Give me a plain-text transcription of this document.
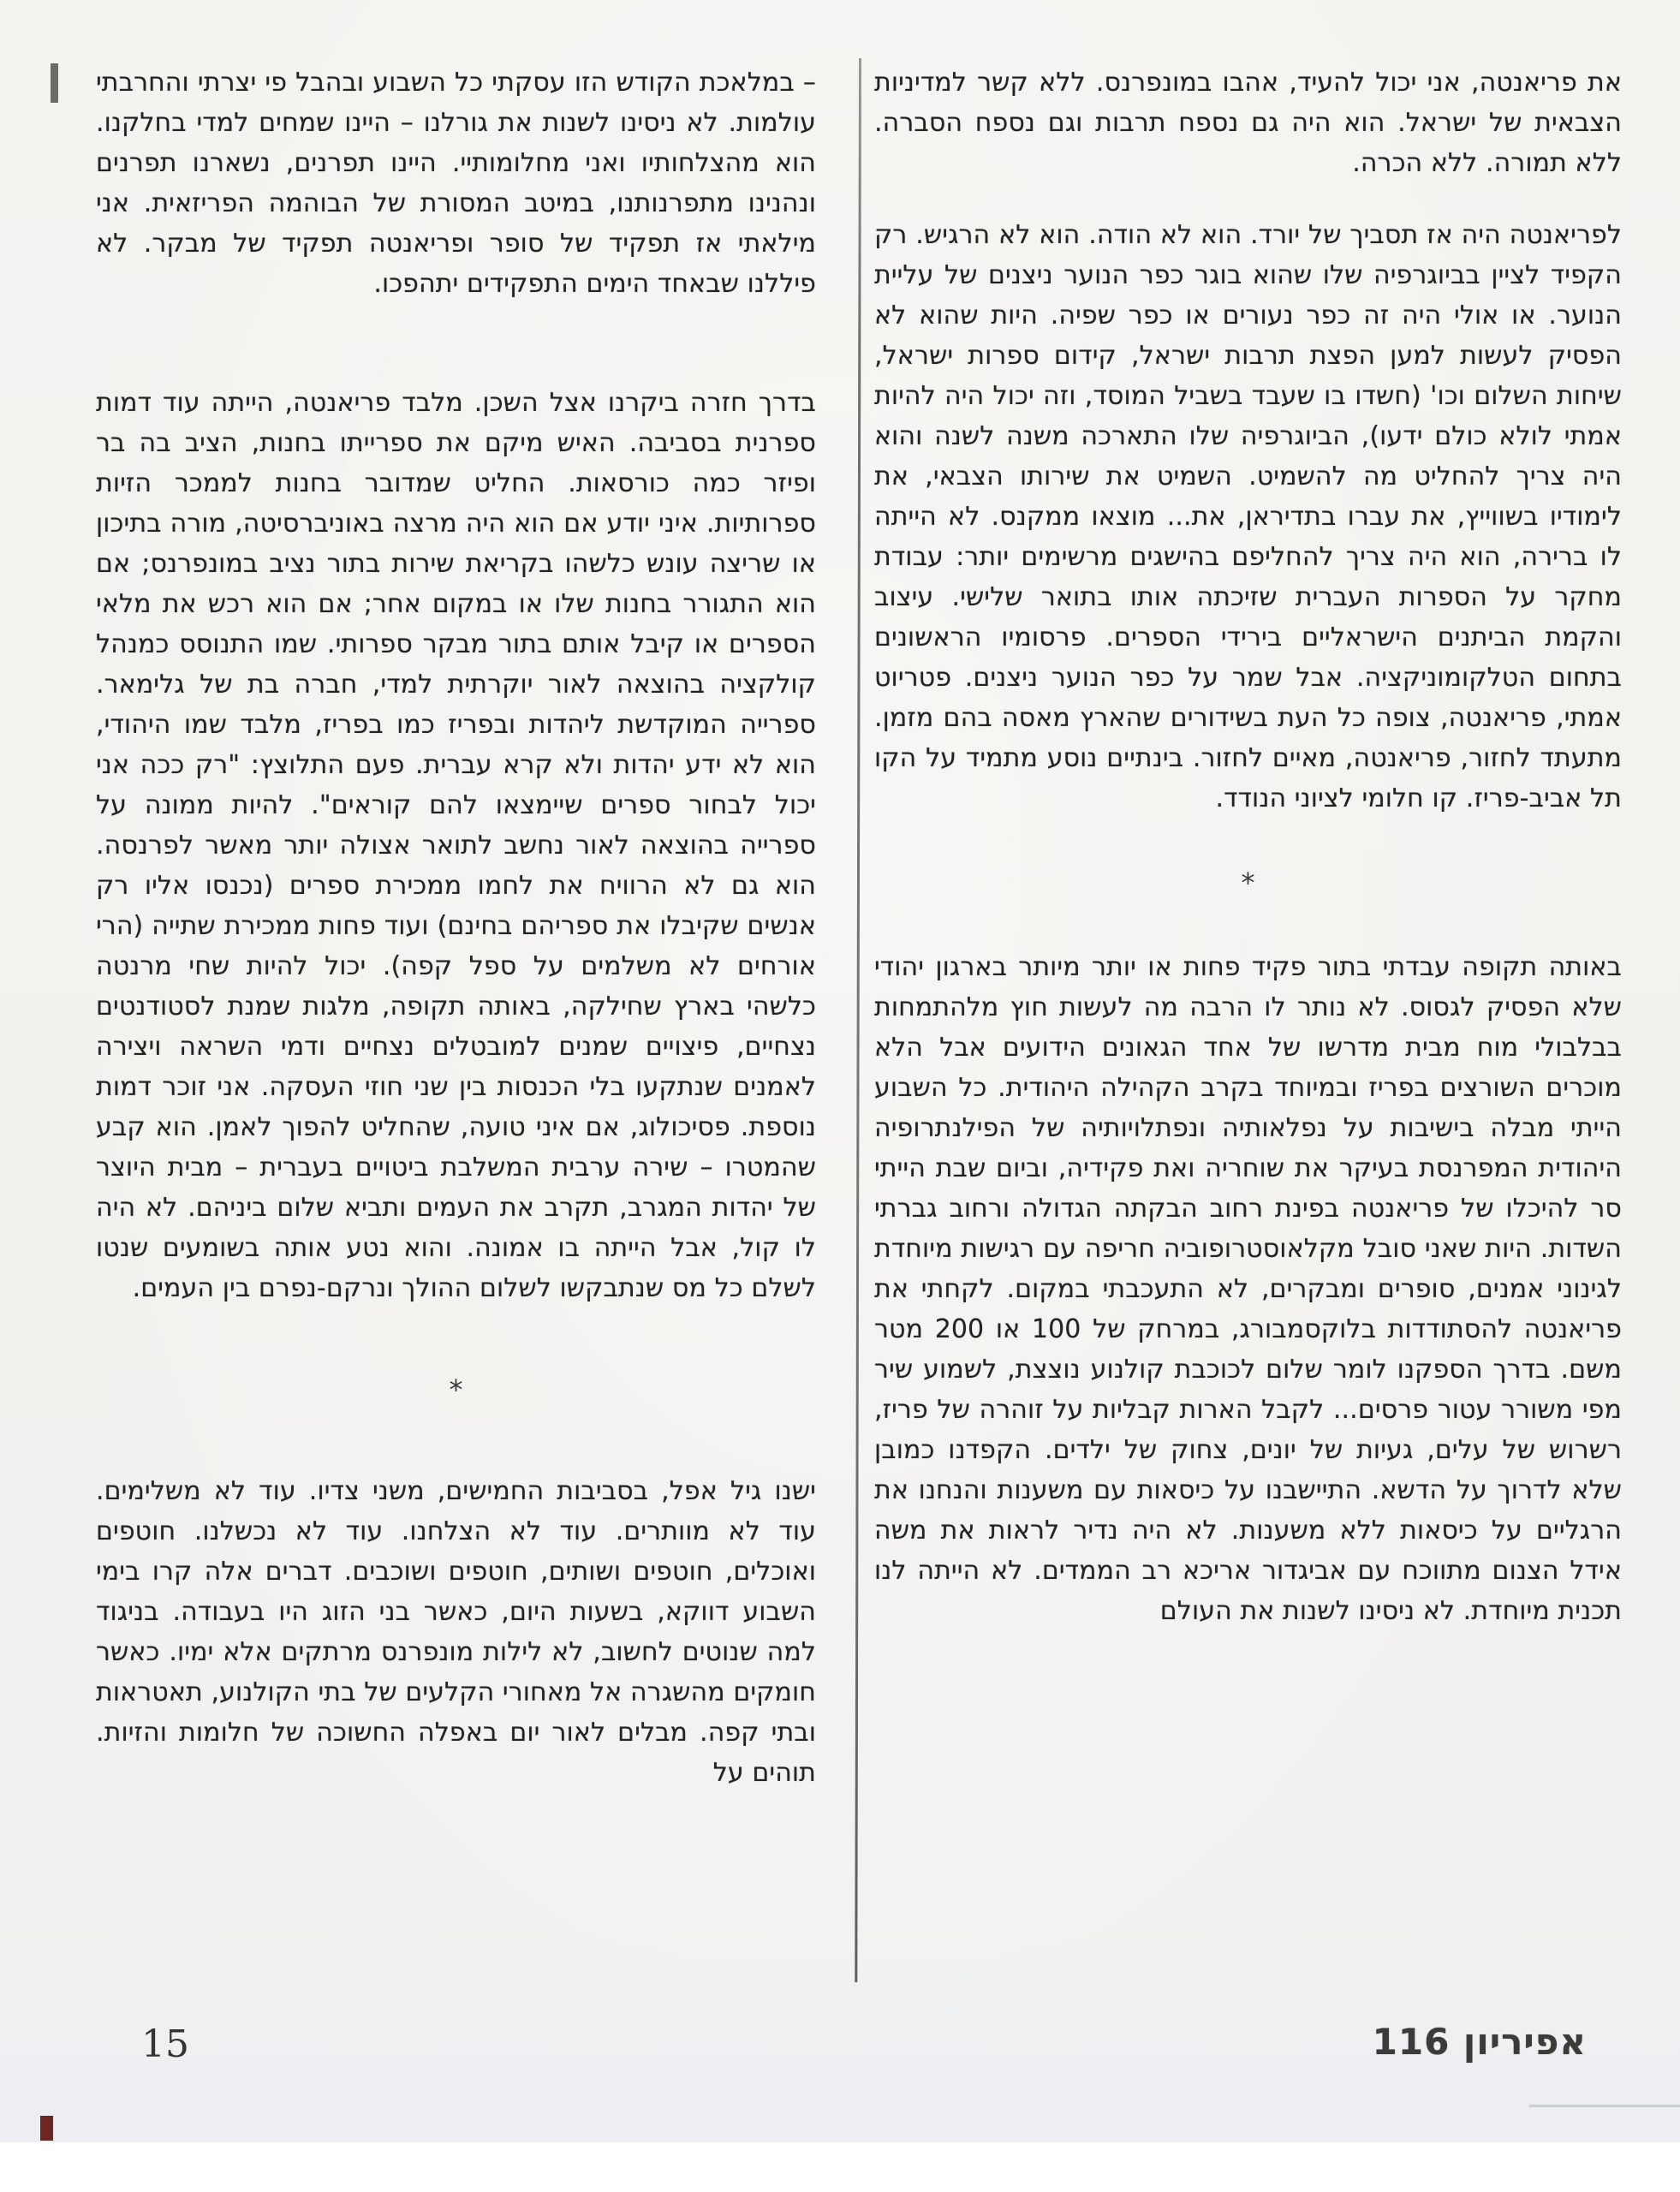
את פריאנטה, אני יכול להעיד, אהבו במונפרנס. ללא קשר למדיניות הצבאית של ישראל. הוא היה גם נספח תרבות וגם נספח הסברה. ללא תמורה. ללא הכרה.

לפריאנטה היה אז תסביך של יורד. הוא לא הודה. הוא לא הרגיש. רק הקפיד לציין בביוגרפיה שלו שהוא בוגר כפר הנוער ניצנים של עליית הנוער. או אולי היה זה כפר נעורים או כפר שפיה. היות שהוא לא הפסיק לעשות למען הפצת תרבות ישראל, קידום ספרות ישראל, שיחות השלום וכו' (חשדו בו שעבד בשביל המוסד, וזה יכול היה להיות אמתי לולא כולם ידעו), הביוגרפיה שלו התארכה משנה לשנה והוא היה צריך להחליט מה להשמיט. השמיט את שירותו הצבאי, את לימודיו בשווייץ, את עברו בתדיראן, את... מוצאו ממקנס. לא הייתה לו ברירה, הוא היה צריך להחליפם בהישגים מרשימים יותר: עבודת מחקר על הספרות העברית שזיכתה אותו בתואר שלישי. עיצוב והקמת הביתנים הישראליים בירידי הספרים. פרסומיו הראשונים בתחום הטלקומוניקציה. אבל שמר על כפר הנוער ניצנים. פטריוט אמתי, פריאנטה, צופה כל העת בשידורים שהארץ מאסה בהם מזמן. מתעתד לחזור, פריאנטה, מאיים לחזור. בינתיים נוסע מתמיד על הקו תל אביב-פריז. קו חלומי לציוני הנודד.

*

באותה תקופה עבדתי בתור פקיד פחות או יותר מיותר בארגון יהודי שלא הפסיק לגסוס. לא נותר לו הרבה מה לעשות חוץ מלהתמחות בבלבולי מוח מבית מדרשו של אחד הגאונים הידועים אבל הלא מוכרים השורצים בפריז ובמיוחד בקרב הקהילה היהודית. כל השבוע הייתי מבלה בישיבות על נפלאותיה ונפתלויותיה של הפילנתרופיה היהודית המפרנסת בעיקר את שוחריה ואת פקידיה, וביום שבת הייתי סר להיכלו של פריאנטה בפינת רחוב הבקתה הגדולה ורחוב גברתי השדות. היות שאני סובל מקלאוסטרופוביה חריפה עם רגישות מיוחדת לגינוני אמנים, סופרים ומבקרים, לא התעכבתי במקום. לקחתי את פריאנטה להסתודדות בלוקסמבורג, במרחק של 100 או 200 מטר משם. בדרך הספקנו לומר שלום לכוכבת קולנוע נוצצת, לשמוע שיר מפי משורר עטור פרסים... לקבל הארות קבליות על זוהרה של פריז, רשרוש של עלים, געיות של יונים, צחוק של ילדים. הקפדנו כמובן שלא לדרוך על הדשא. התיישבנו על כיסאות עם משענות והנחנו את הרגליים על כיסאות ללא משענות. לא היה נדיר לראות את משה אידל הצנום מתווכח עם אביגדור אריכא רב הממדים. לא הייתה לנו תכנית מיוחדת. לא ניסינו לשנות את העולם

– במלאכת הקודש הזו עסקתי כל השבוע ובהבל פי יצרתי והחרבתי עולמות. לא ניסינו לשנות את גורלנו – היינו שמחים למדי בחלקנו. הוא מהצלחותיו ואני מחלומותיי. היינו תפרנים, נשארנו תפרנים ונהנינו מתפרנותנו, במיטב המסורת של הבוהמה הפריזאית. אני מילאתי אז תפקיד של סופר ופריאנטה תפקיד של מבקר. לא פיללנו שבאחד הימים התפקידים יתהפכו.

בדרך חזרה ביקרנו אצל השכן. מלבד פריאנטה, הייתה עוד דמות ספרנית בסביבה. האיש מיקם את ספרייתו בחנות, הציב בה בר ופיזר כמה כורסאות. החליט שמדובר בחנות לממכר הזיות ספרותיות. איני יודע אם הוא היה מרצה באוניברסיטה, מורה בתיכון או שריצה עונש כלשהו בקריאת שירות בתור נציב במונפרנס; אם הוא התגורר בחנות שלו או במקום אחר; אם הוא רכש את מלאי הספרים או קיבל אותם בתור מבקר ספרותי. שמו התנוסס כמנהל קולקציה בהוצאה לאור יוקרתית למדי, חברה בת של גלימאר. ספרייה המוקדשת ליהדות ובפריז כמו בפריז, מלבד שמו היהודי, הוא לא ידע יהדות ולא קרא עברית. פעם התלוצץ: "רק ככה אני יכול לבחור ספרים שיימצאו להם קוראים". להיות ממונה על ספרייה בהוצאה לאור נחשב לתואר אצולה יותר מאשר לפרנסה. הוא גם לא הרוויח את לחמו ממכירת ספרים (נכנסו אליו רק אנשים שקיבלו את ספריהם בחינם) ועוד פחות ממכירת שתייה (הרי אורחים לא משלמים על ספל קפה). יכול להיות שחי מרנטה כלשהי בארץ שחילקה, באותה תקופה, מלגות שמנת לסטודנטים נצחיים, פיצויים שמנים למובטלים נצחיים ודמי השראה ויצירה לאמנים שנתקעו בלי הכנסות בין שני חוזי העסקה. אני זוכר דמות נוספת. פסיכולוג, אם איני טועה, שהחליט להפוך לאמן. הוא קבע שהמטרו – שירה ערבית המשלבת ביטויים בעברית – מבית היוצר של יהדות המגרב, תקרב את העמים ותביא שלום ביניהם. לא היה לו קול, אבל הייתה בו אמונה. והוא נטע אותה בשומעים שנטו לשלם כל מס שנתבקשו לשלום ההולך ונרקם-נפרם בין העמים.

*

ישנו גיל אפל, בסביבות החמישים, משני צדיו. עוד לא משלימים. עוד לא מוותרים. עוד לא הצלחנו. עוד לא נכשלנו. חוטפים ואוכלים, חוטפים ושותים, חוטפים ושוכבים. דברים אלה קרו בימי השבוע דווקא, בשעות היום, כאשר בני הזוג היו בעבודה. בניגוד למה שנוטים לחשוב, לא לילות מונפרנס מרתקים אלא ימיו. כאשר חומקים מהשגרה אל מאחורי הקלעים של בתי הקולנוע, תאטראות ובתי קפה. מבלים לאור יום באפלה החשוכה של חלומות והזיות. תוהים על

15	אפיריון 116
